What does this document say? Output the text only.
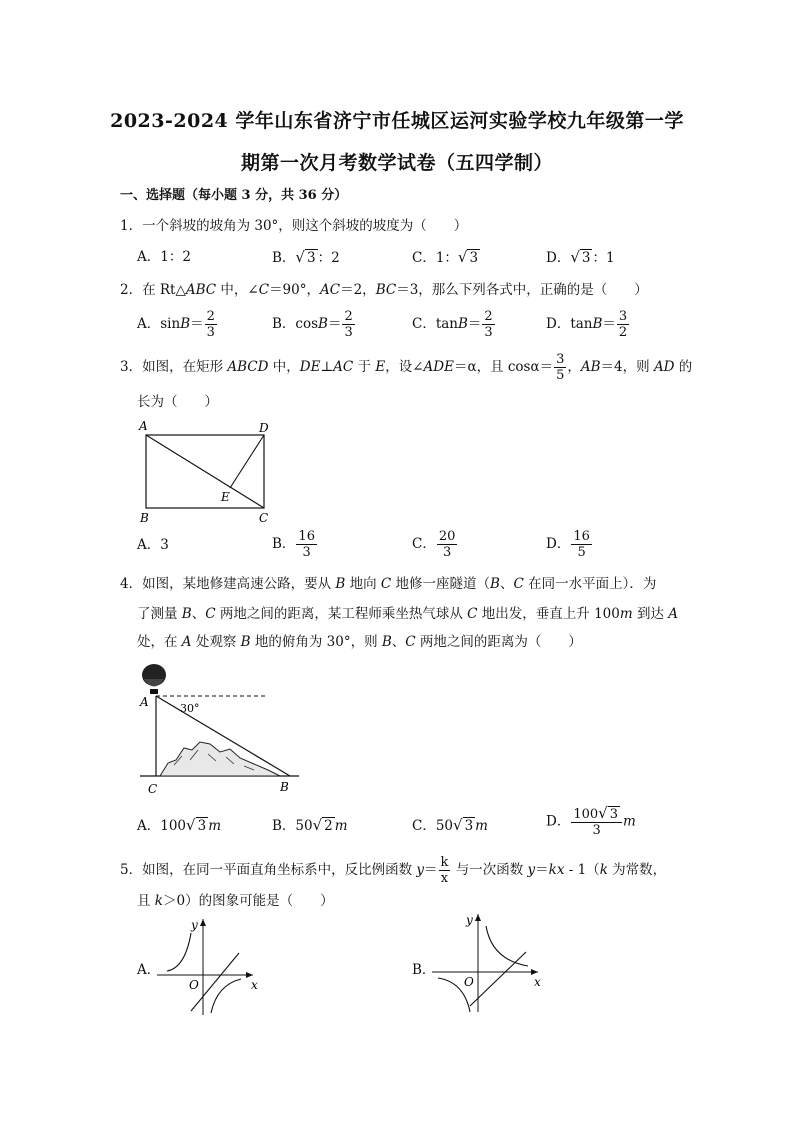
2023-2024 学年山东省济宁市任城区运河实验学校九年级第一学
期第一次月考数学试卷（五四学制）
一、选择题（每小题 3 分，共 36 分）
1．一个斜坡的坡角为 30°，则这个斜坡的坡度为（　　）
A．1：2	B．√ 3 ：2	C．1：√ 3	D．√ 3 ：1
2．在 Rt△ABC 中，∠C＝90°，AC＝2，BC＝3，那么下列各式中，正确的是（　　）
A．$\sin B= \frac{2}{3}$	B．$\cos B= \frac{2}{3}$	C．$\tan B= \frac{2}{3}$	D．$\tan B= \frac{3}{2}$
3．如图，在矩形 ABCD 中，DE⊥AC 于 E，设∠ADE＝α，且 $\cos\alpha= \frac{3}{5}$ ，AB＝4，则 AD 的
长为（　　）
A	D
E
B	C
A．3	B． $\frac{16}{3}$	C． $\frac{20}{3}$	D． $\frac{16}{5}$
4．如图，某地修建高速公路，要从 B 地向 C 地修一座隧道（B、C 在同一水平面上）．为
了测量 B、C 两地之间的距离，某工程师乘坐热气球从 C 地出发，垂直上升 100m 到达 A
处，在 A 处观察 B 地的俯角为 30°，则 B、C 两地之间的距离为（　　）
30°
A
C	B
A．100√ 3 m	B．50√ 2 m	C．50√ 3 m	D． $\frac{100√ 3}{3}$ m
5．如图，在同一平面直角坐标系中，反比例函数 $y= \frac{k}{x}$ 与一次函数 y＝kx - 1（k 为常数，
且 k＞0）的图象可能是（　　）
A．
y
x
O
B．
y
x
O
